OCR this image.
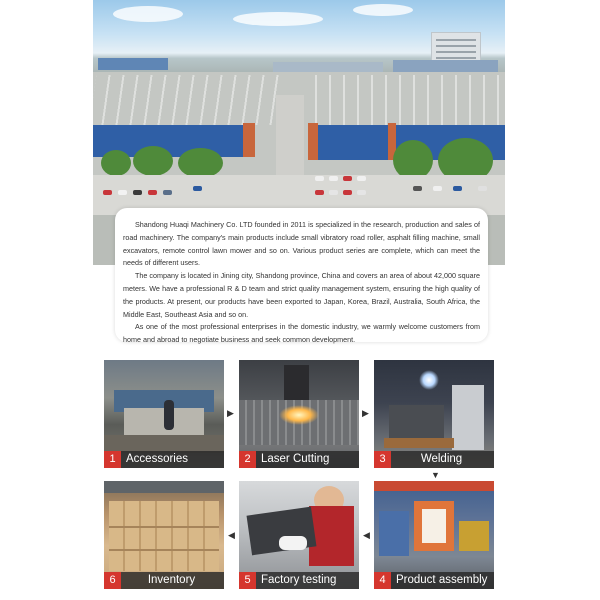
Shandong Huaqi Machinery Co. LTD founded in 2011 is specialized in the research, production and sales of road machinery. The company's main products include small vibratory road roller, asphalt filling machine, small excavators, remote control lawn mower and so on. Various product series are complete, which can meet the needs of different users.

The company is located in Jining city, Shandong province, China and covers an area of about 42,000 square meters. We have a professional R & D team and strict quality management system, ensuring the high quality of the products. At present, our products have been exported to Japan, Korea, Brazil, Australia, South Africa, the Middle East, Southeast Asia and so on.

As one of the most professional enterprises in the domestic industry, we warmly welcome customers from home and abroad to negotiate business and seek common development.

1 Accessories
▶
2 Laser Cutting
▶
3	Welding
▼
6	Inventory
◀
5 Factory testing
◀
4 Product assembly
